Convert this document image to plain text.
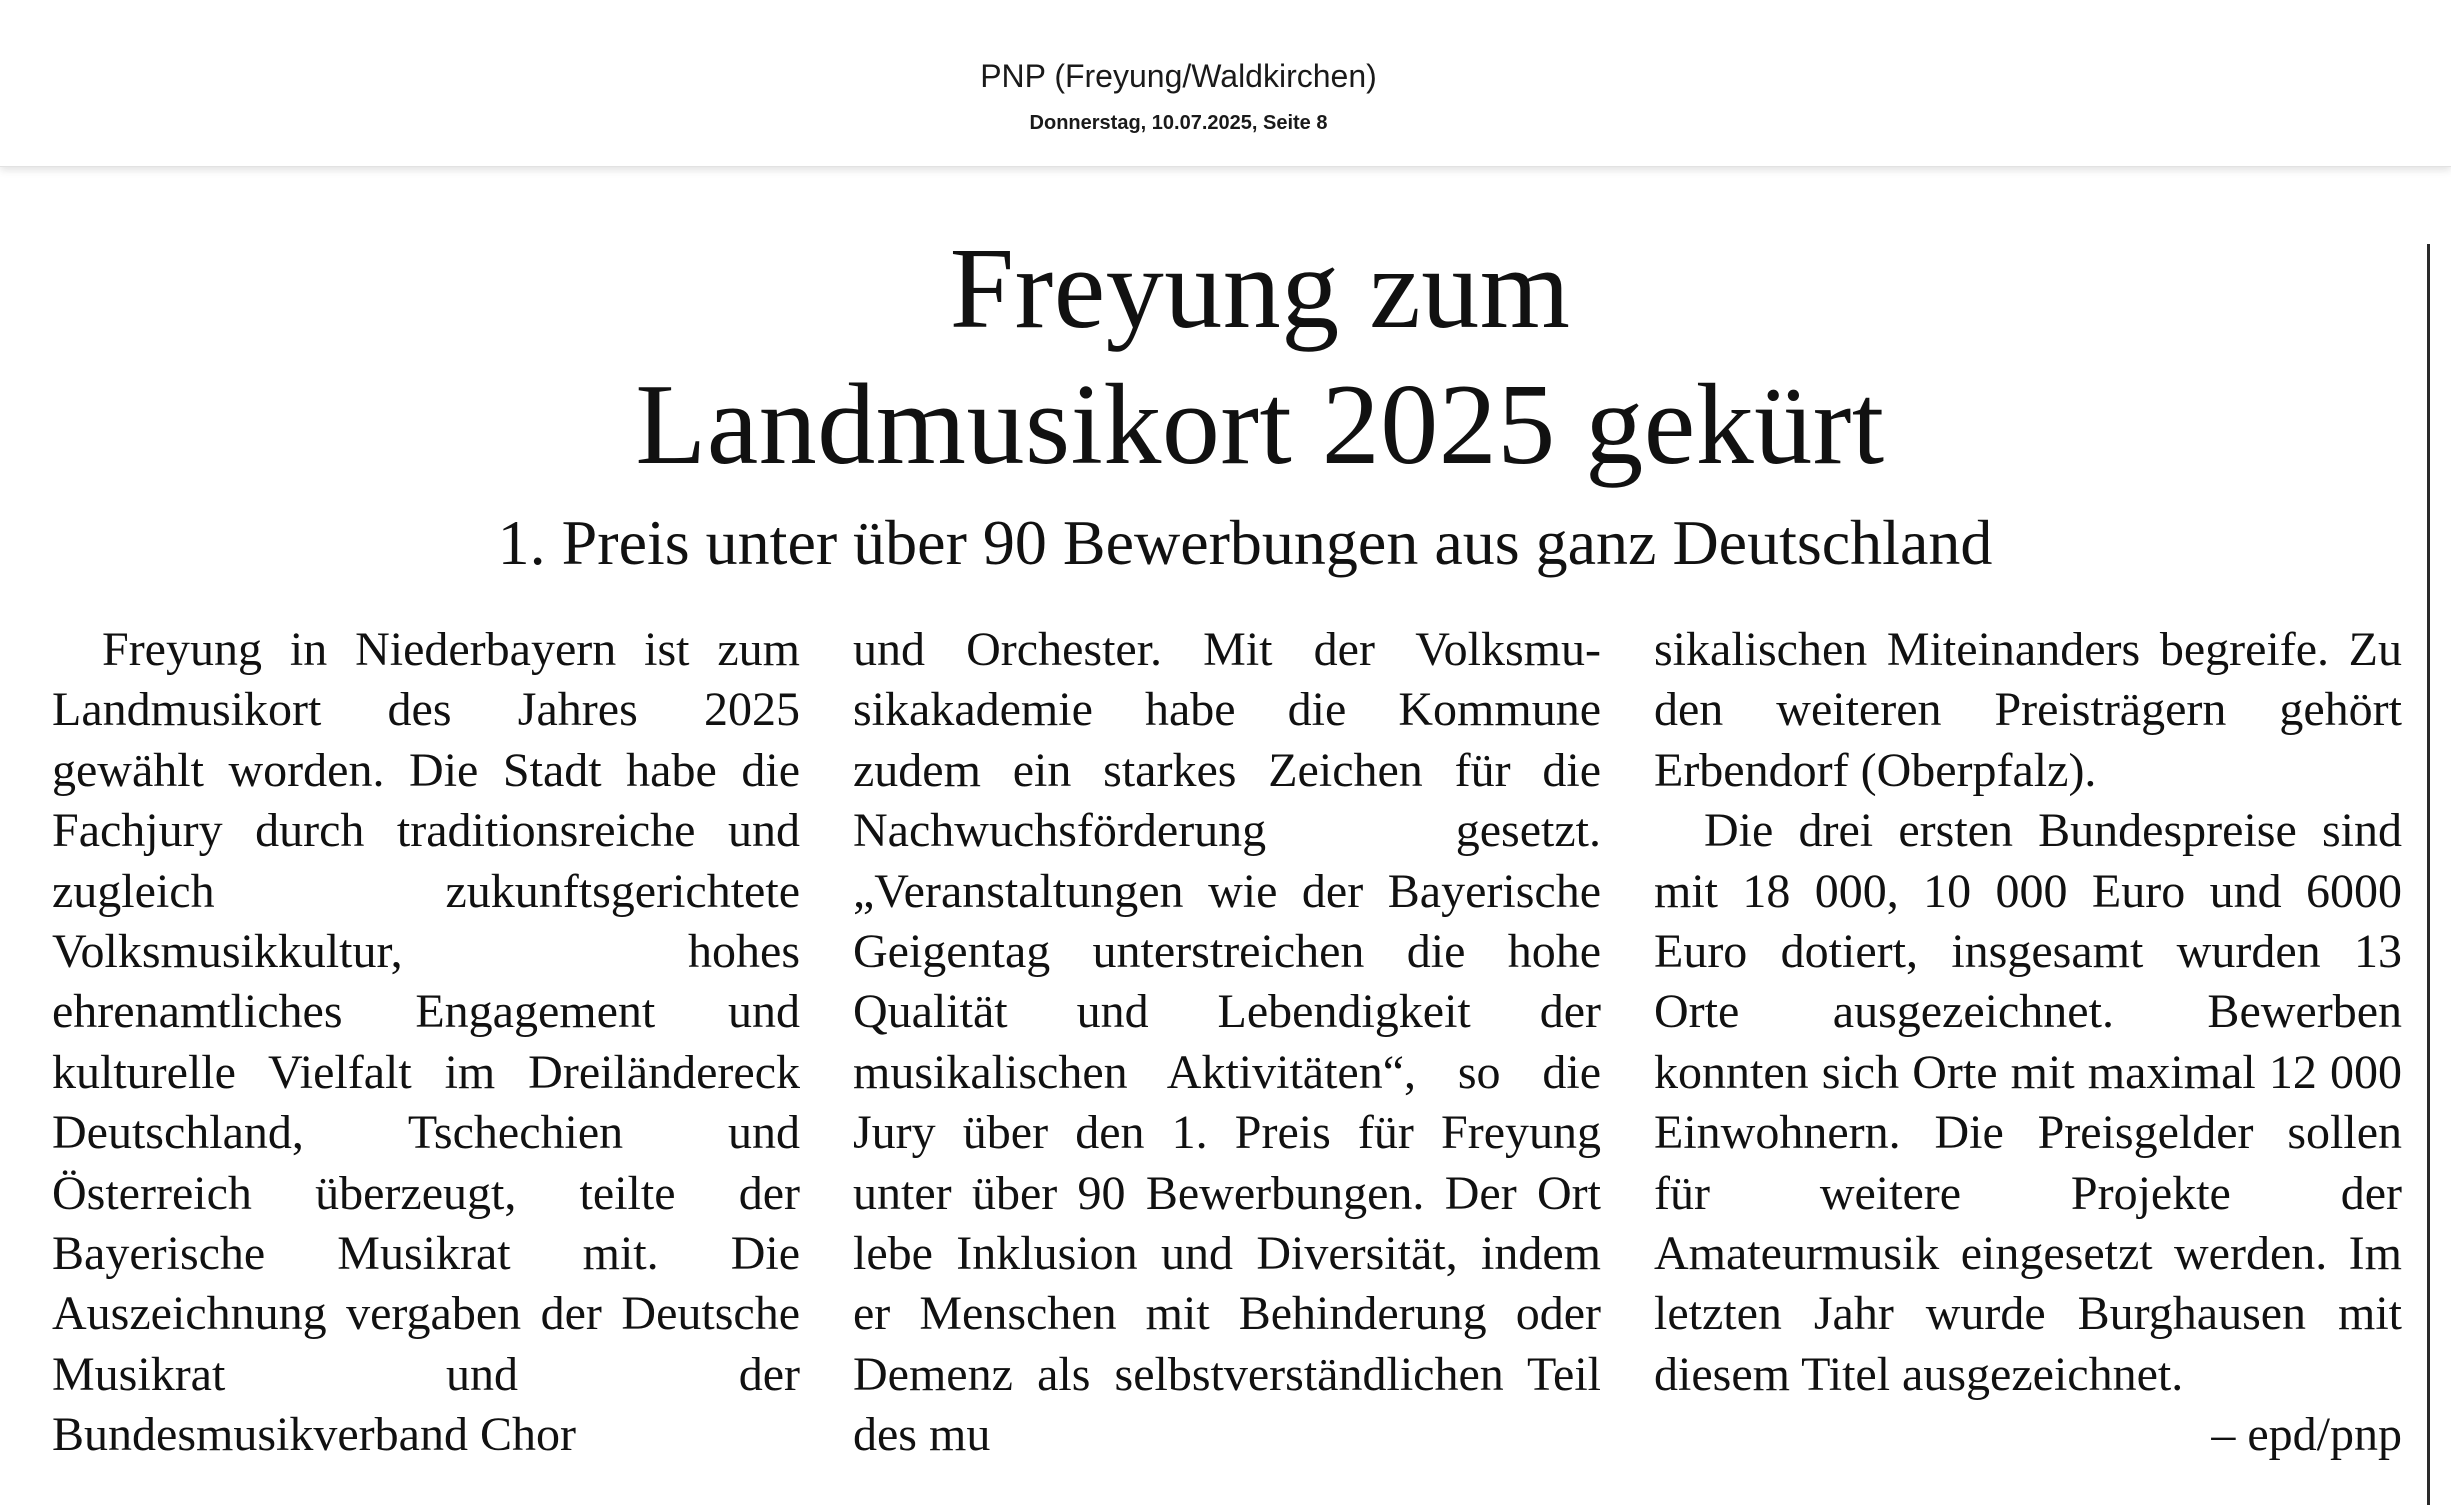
PNP (Freyung/Waldkirchen)
Donnerstag, 10.07.2025, Seite 8
Freyung zum
Landmusikort 2025 gekürt
1. Preis unter über 90 Bewerbungen aus ganz Deutschland

Freyung in Niederbayern ist zum Landmusikort des Jahres 2025 gewählt worden. Die Stadt habe die Fachjury durch traditionsreiche und zugleich zukunftsgerichtete Volksmusikkultur, hohes ehrenamtliches Engagement und kulturelle Vielfalt im Dreiländereck Deutschland, Tschechien und Österreich überzeugt, teilte der Bayerische Musikrat mit. Die Auszeichnung vergaben der Deutsche Musikrat und der Bundesmusikverband Chor

und Orchester. Mit der Volksmusikakademie habe die Kommune zudem ein starkes Zeichen für die Nachwuchsförderung gesetzt. „Veranstaltungen wie der Bayerische Geigentag unterstreichen die hohe Qualität und Lebendigkeit der musikalischen Aktivitäten“, so die Jury über den 1. Preis für Freyung unter über 90 Bewerbungen. Der Ort lebe Inklusion und Diversität, indem er Menschen mit Behinderung oder Demenz als selbstverständlichen Teil des mu

sikalischen Miteinanders begreife. Zu den weiteren Preisträgern gehört Erbendorf (Oberpfalz).

Die drei ersten Bundespreise sind mit 18 000, 10 000 Euro und 6000 Euro dotiert, insgesamt wurden 13 Orte ausgezeichnet. Bewerben konnten sich Orte mit maximal 12 000 Einwohnern. Die Preisgelder sollen für weitere Projekte der Amateurmusik eingesetzt werden. Im letzten Jahr wurde Burghausen mit diesem Titel ausgezeichnet.
– epd/pnp
